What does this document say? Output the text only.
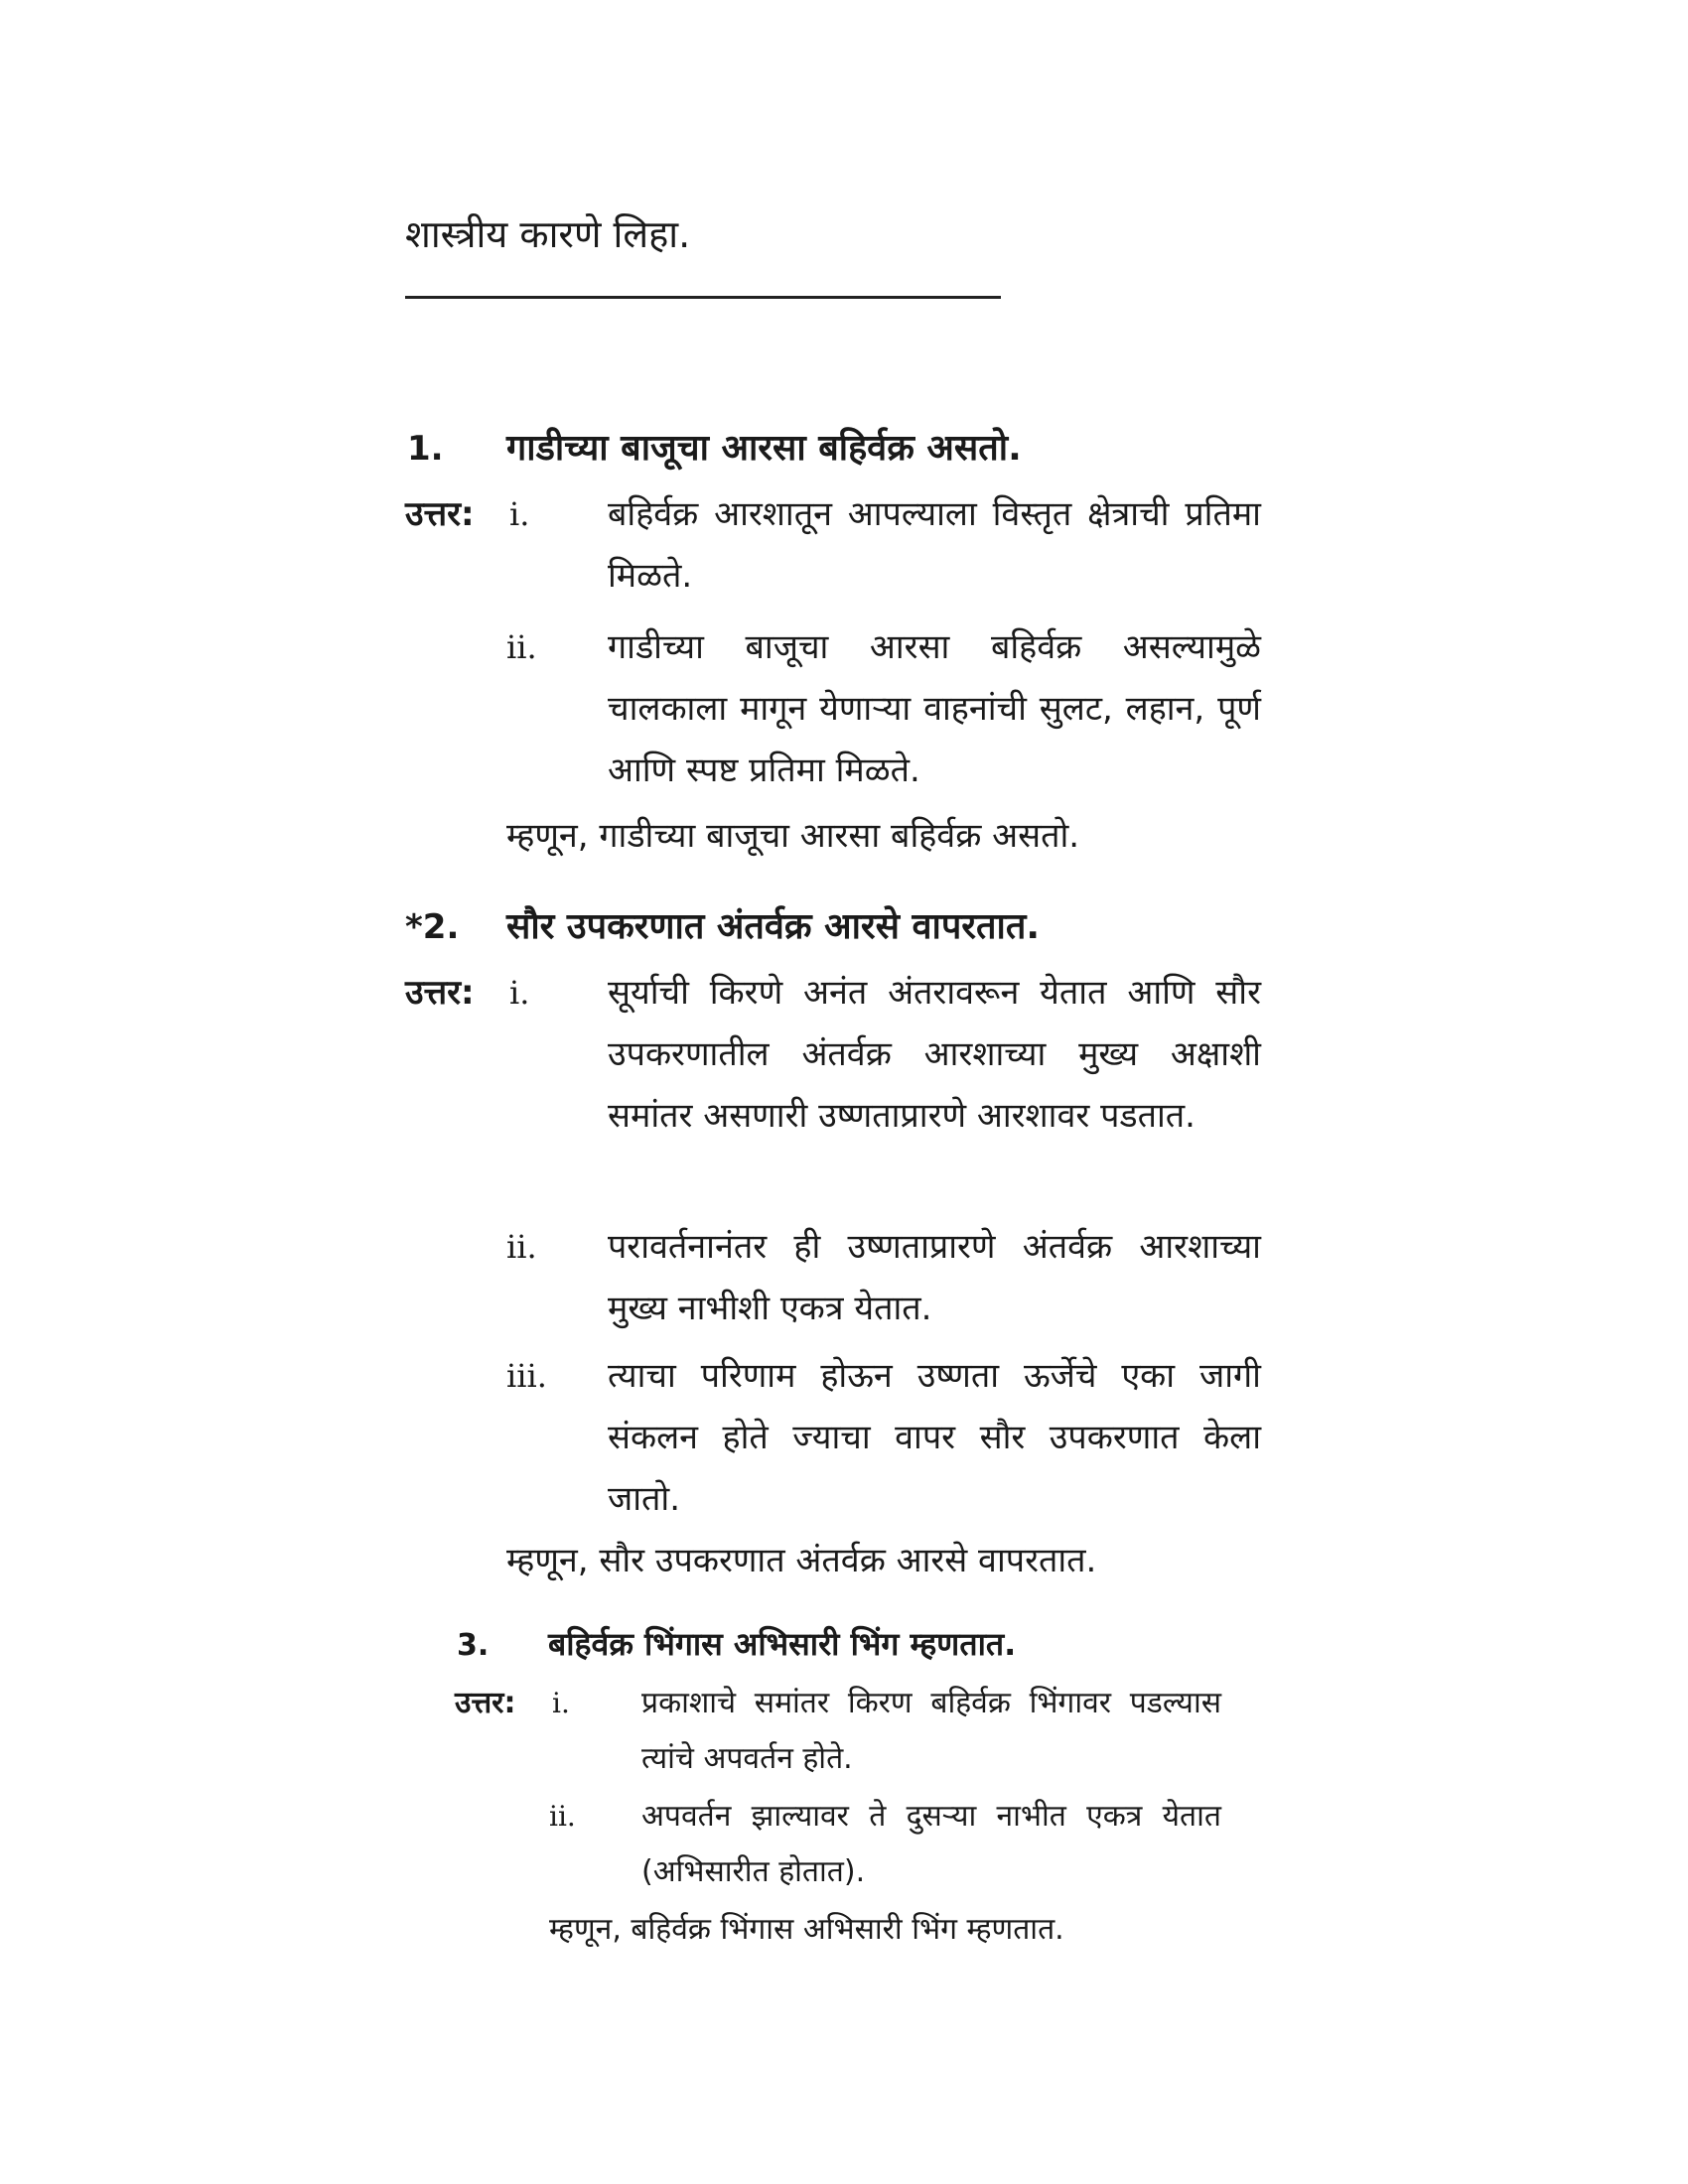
शास्त्रीय कारणे लिहा.
1. गाडीच्या बाजूचा आरसा बहिर्वक्र असतो.
उत्तर: i. बहिर्वक्र आरशातून आपल्याला विस्तृत क्षेत्राची प्रतिमा मिळते.
ii. गाडीच्या बाजूचा आरसा बहिर्वक्र असल्यामुळे चालकाला मागून येणाऱ्या वाहनांची सुलट, लहान, पूर्ण आणि स्पष्ट प्रतिमा मिळते.
म्हणून, गाडीच्या बाजूचा आरसा बहिर्वक्र असतो.
*2. सौर उपकरणात अंतर्वक्र आरसे वापरतात.
उत्तर: i. सूर्याची किरणे अनंत अंतरावरून येतात आणि सौर उपकरणातील अंतर्वक्र आरशाच्या मुख्य अक्षाशी समांतर असणारी उष्णताप्रारणे आरशावर पडतात.
ii. परावर्तनानंतर ही उष्णताप्रारणे अंतर्वक्र आरशाच्या मुख्य नाभीशी एकत्र येतात.
iii. त्याचा परिणाम होऊन उष्णता ऊर्जेचे एका जागी संकलन होते ज्याचा वापर सौर उपकरणात केला जातो.
म्हणून, सौर उपकरणात अंतर्वक्र आरसे वापरतात.
3. बहिर्वक्र भिंगास अभिसारी भिंग म्हणतात.
उत्तर: i. प्रकाशाचे समांतर किरण बहिर्वक्र भिंगावर पडल्यास त्यांचे अपवर्तन होते.
ii. अपवर्तन झाल्यावर ते दुसऱ्या नाभीत एकत्र येतात (अभिसारीत होतात).
म्हणून, बहिर्वक्र भिंगास अभिसारी भिंग म्हणतात.
